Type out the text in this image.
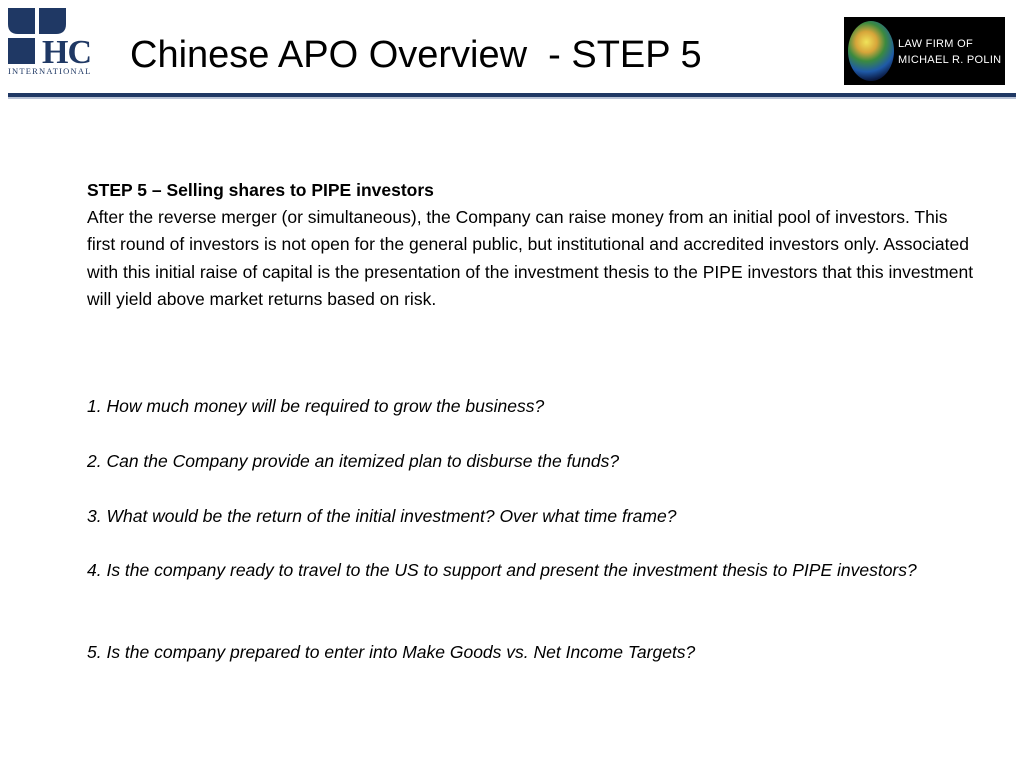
HC
INTERNATIONAL Chinese APO Overview  - STEP 5	LAW FIRM OF
MICHAEL R. POLIN

STEP 5 – Selling shares to PIPE investors

After the reverse merger (or simultaneous), the Company can raise money from an initial pool of investors. This first round of investors is not open for the general public, but institutional and accredited investors only. Associated with this initial raise of capital is the presentation of the investment thesis to the PIPE investors that this investment will yield above market returns based on risk.

1. How much money will be required to grow the business?

2. Can the Company provide an itemized plan to disburse the funds?

3. What would be the return of the initial investment? Over what time frame?

4. Is the company ready to travel to the US to support and present the investment thesis to PIPE investors?

5. Is the company prepared to enter into Make Goods vs. Net Income Targets?
